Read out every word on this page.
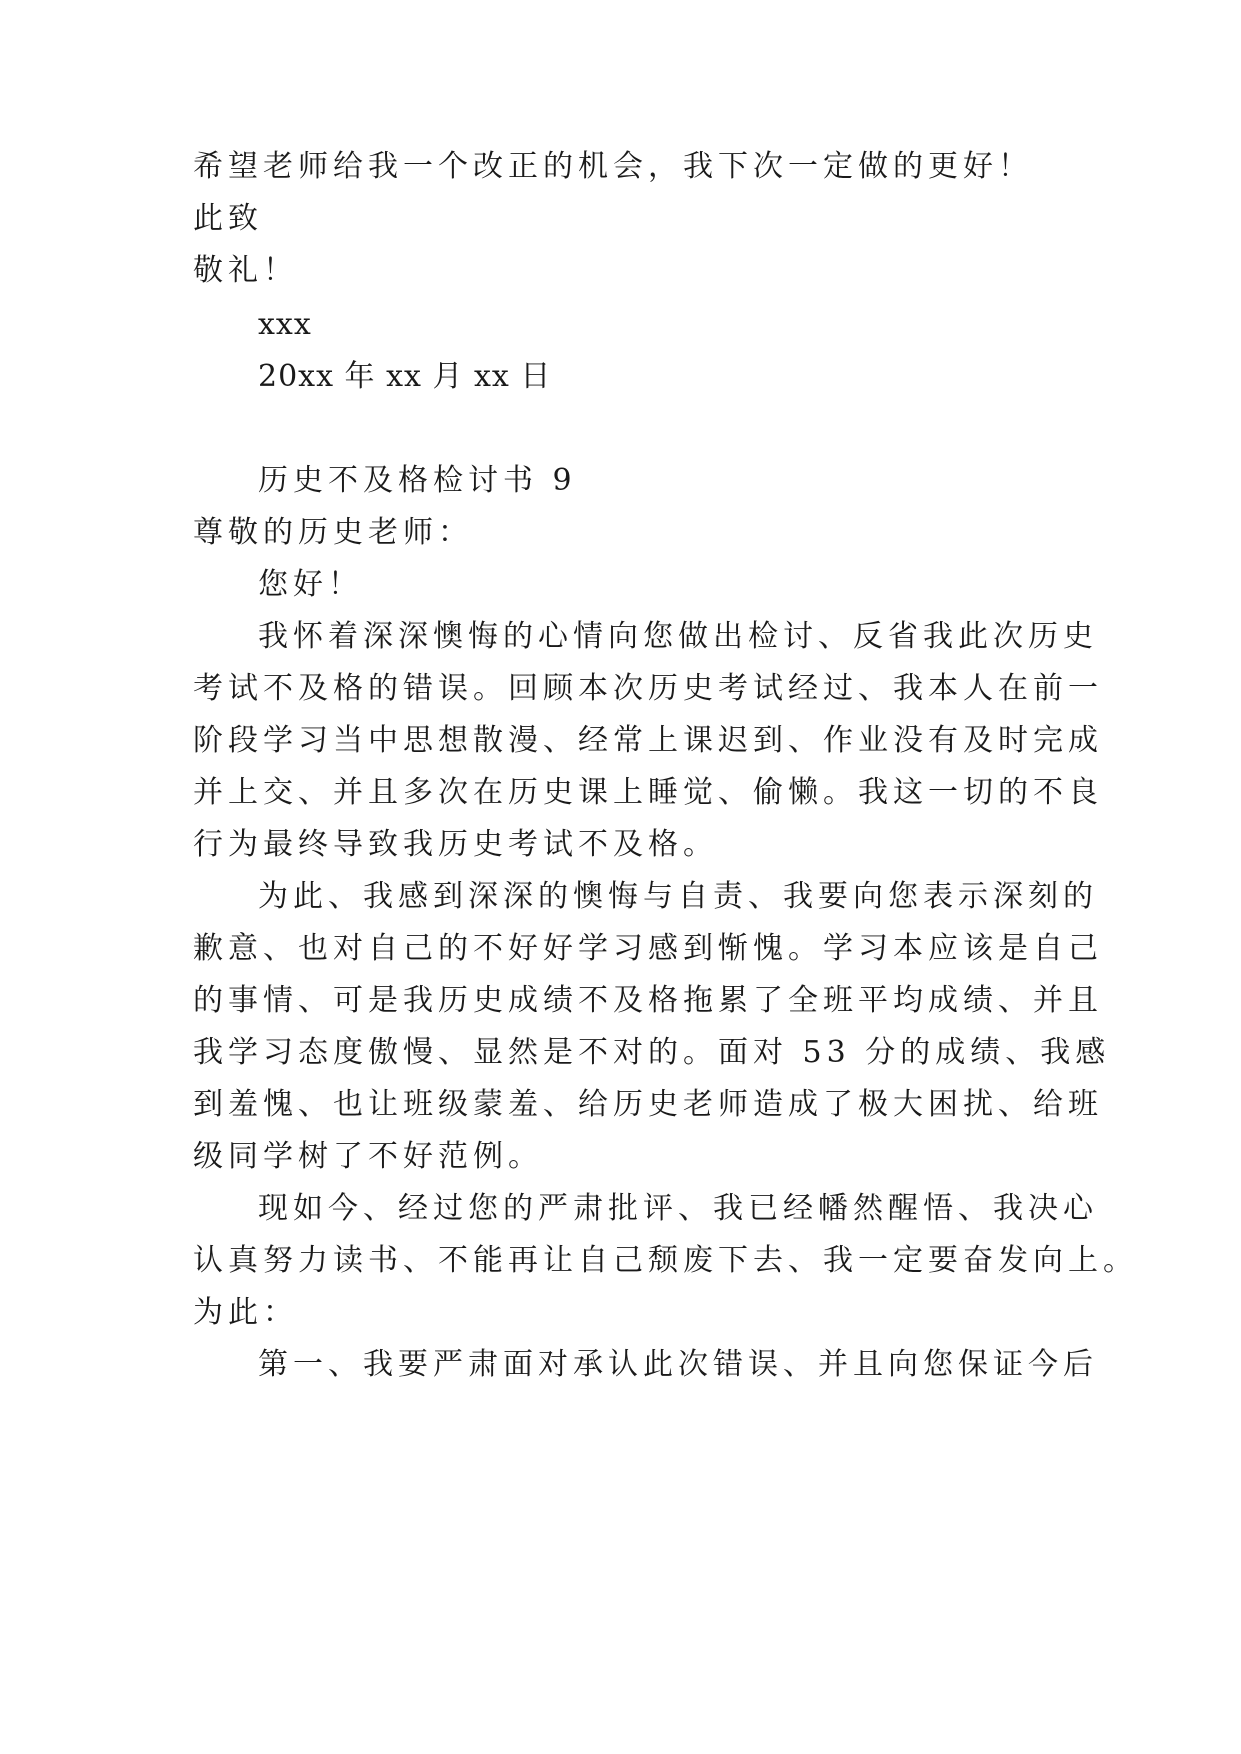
希望老师给我一个改正的机会，我下次一定做的更好！
此致
敬礼！
xxx
20xx 年 xx 月 xx 日
历史不及格检讨书 9
尊敬的历史老师：
您好！
我怀着深深懊悔的心情向您做出检讨、反省我此次历史
考试不及格的错误。回顾本次历史考试经过、我本人在前一
阶段学习当中思想散漫、经常上课迟到、作业没有及时完成
并上交、并且多次在历史课上睡觉、偷懒。我这一切的不良
行为最终导致我历史考试不及格。
为此、我感到深深的懊悔与自责、我要向您表示深刻的
歉意、也对自己的不好好学习感到惭愧。学习本应该是自己
的事情、可是我历史成绩不及格拖累了全班平均成绩、并且
我学习态度傲慢、显然是不对的。面对 53 分的成绩、我感
到羞愧、也让班级蒙羞、给历史老师造成了极大困扰、给班
级同学树了不好范例。
现如今、经过您的严肃批评、我已经幡然醒悟、我决心
认真努力读书、不能再让自己颓废下去、我一定要奋发向上。
为此：
第一、我要严肃面对承认此次错误、并且向您保证今后
